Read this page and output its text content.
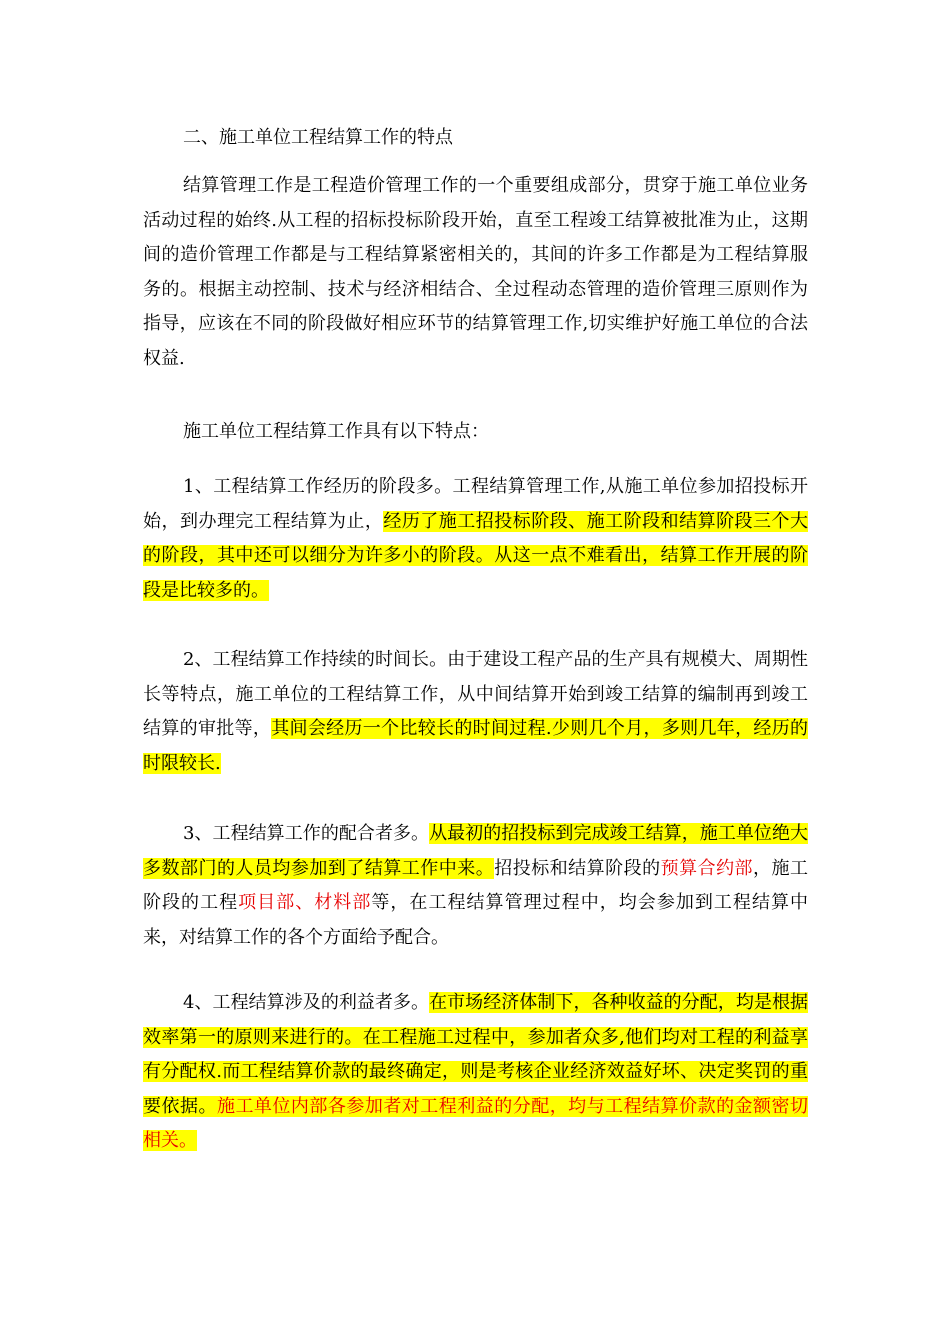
二、施工单位工程结算工作的特点

结算管理工作是工程造价管理工作的一个重要组成部分，贯穿于施工单位业务活动过程的始终.从工程的招标投标阶段开始，直至工程竣工结算被批准为止，这期间的造价管理工作都是与工程结算紧密相关的，其间的许多工作都是为工程结算服务的。根据主动控制、技术与经济相结合、全过程动态管理的造价管理三原则作为指导，应该在不同的阶段做好相应环节的结算管理工作,切实维护好施工单位的合法权益.

施工单位工程结算工作具有以下特点：

1、工程结算工作经历的阶段多。工程结算管理工作,从施工单位参加招投标开始，到办理完工程结算为止，经历了施工招投标阶段、施工阶段和结算阶段三个大的阶段，其中还可以细分为许多小的阶段。从这一点不难看出，结算工作开展的阶段是比较多的。

2、工程结算工作持续的时间长。由于建设工程产品的生产具有规模大、周期性长等特点，施工单位的工程结算工作，从中间结算开始到竣工结算的编制再到竣工结算的审批等，其间会经历一个比较长的时间过程.少则几个月，多则几年，经历的时限较长.

3、工程结算工作的配合者多。从最初的招投标到完成竣工结算，施工单位绝大多数部门的人员均参加到了结算工作中来。招投标和结算阶段的预算合约部，施工阶段的工程项目部、材料部等，在工程结算管理过程中，均会参加到工程结算中来，对结算工作的各个方面给予配合。

4、工程结算涉及的利益者多。在市场经济体制下，各种收益的分配，均是根据效率第一的原则来进行的。在工程施工过程中，参加者众多,他们均对工程的利益享有分配权.而工程结算价款的最终确定，则是考核企业经济效益好坏、决定奖罚的重要依据。施工单位内部各参加者对工程利益的分配，均与工程结算价款的金额密切相关。
